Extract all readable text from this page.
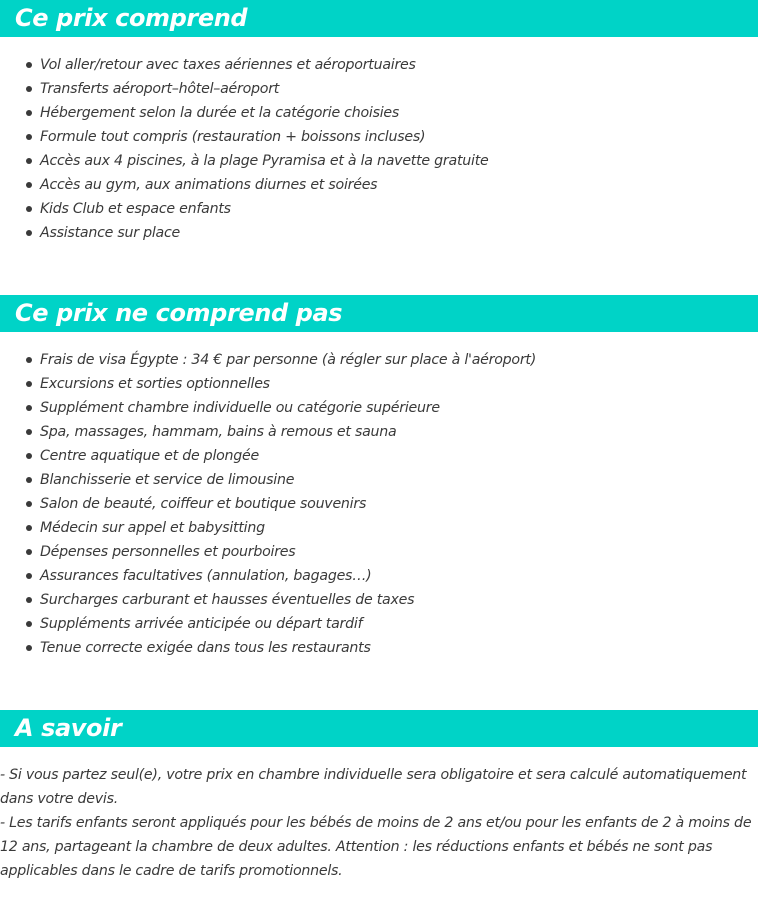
Ce prix comprend
Vol aller/retour avec taxes aériennes et aéroportuaires
Transferts aéroport–hôtel–aéroport
Hébergement selon la durée et la catégorie choisies
Formule tout compris (restauration + boissons incluses)
Accès aux 4 piscines, à la plage Pyramisa et à la navette gratuite
Accès au gym, aux animations diurnes et soirées
Kids Club et espace enfants
Assistance sur place
Ce prix ne comprend pas
Frais de visa Égypte : 34 € par personne (à régler sur place à l'aéroport)
Excursions et sorties optionnelles
Supplément chambre individuelle ou catégorie supérieure
Spa, massages, hammam, bains à remous et sauna
Centre aquatique et de plongée
Blanchisserie et service de limousine
Salon de beauté, coiffeur et boutique souvenirs
Médecin sur appel et babysitting
Dépenses personnelles et pourboires
Assurances facultatives (annulation, bagages…)
Surcharges carburant et hausses éventuelles de taxes
Suppléments arrivée anticipée ou départ tardif
Tenue correcte exigée dans tous les restaurants
A savoir

- Si vous partez seul(e), votre prix en chambre individuelle sera obligatoire et sera calculé automatiquement dans votre devis.

- Les tarifs enfants seront appliqués pour les bébés de moins de 2 ans et/ou pour les enfants de 2 à moins de 12 ans, partageant la chambre de deux adultes. Attention : les réductions enfants et bébés ne sont pas applicables dans le cadre de tarifs promotionnels.
